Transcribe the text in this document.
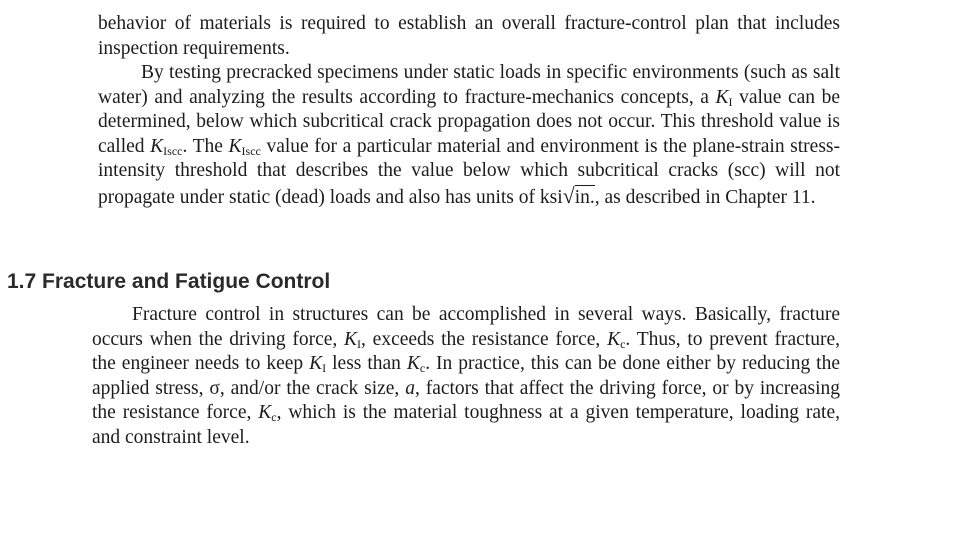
behavior of materials is required to establish an overall fracture-control plan that includes inspection requirements.

By testing precracked specimens under static loads in specific environments (such as salt water) and analyzing the results according to fracture-mechanics concepts, a $K_I$ value can be determined, below which subcritical crack propagation does not occur. This threshold value is called $K_{Iscc}$. The $K_{Iscc}$ value for a particular material and environment is the plane-strain stress-intensity threshold that describes the value below which subcritical cracks (scc) will not propagate under static (dead) loads and also has units of ksi√in., as described in Chapter 11.

1.7 Fracture and Fatigue Control

Fracture control in structures can be accomplished in several ways. Basically, fracture occurs when the driving force, $K_I$, exceeds the resistance force, $K_c$. Thus, to prevent fracture, the engineer needs to keep $K_I$ less than $K_c$. In practice, this can be done either by reducing the applied stress, σ, and/or the crack size, a, factors that affect the driving force, or by increasing the resistance force, $K_c$, which is the material toughness at a given temperature, loading rate, and constraint level.
